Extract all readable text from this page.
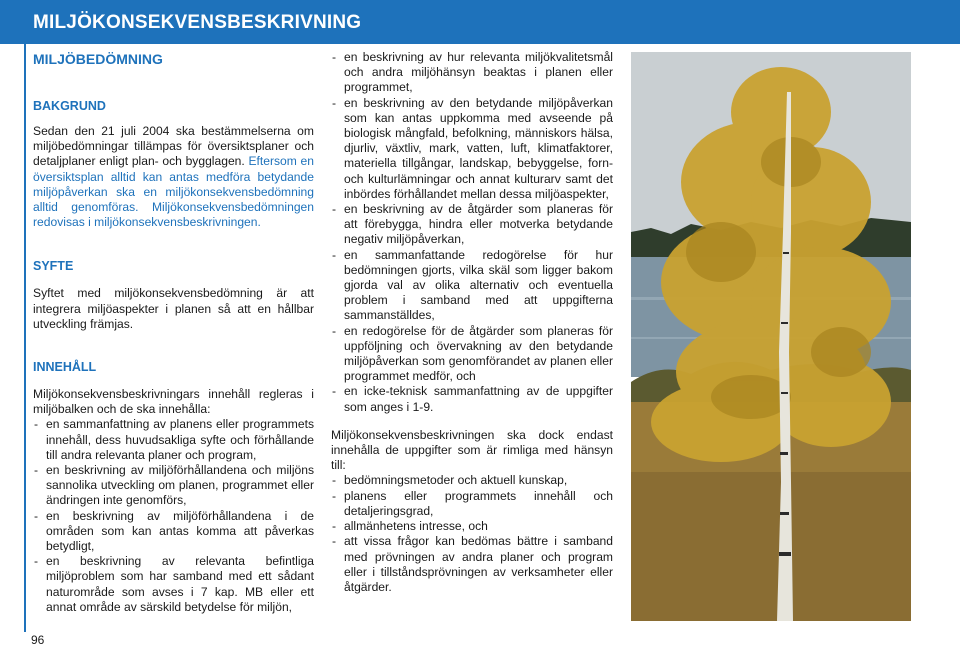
MILJÖKONSEKVENSBESKRIVNING
MILJÖBEDÖMNING
BAKGRUND

Sedan den 21 juli 2004 ska bestämmelserna om miljöbedömningar tillämpas för översiktsplaner och detaljplaner enligt plan- och bygglagen. Eftersom en översiktsplan alltid kan antas medföra betydande miljöpåverkan ska en miljökonsekvensbedömning alltid genomföras. Miljökonsekvensbedömningen redovisas i miljökonsekvensbeskrivningen.

SYFTE

Syftet med miljökonsekvensbedömning är att integrera miljöaspekter i planen så att en hållbar utveckling främjas.

INNEHÅLL

Miljökonsekvensbeskrivningars innehåll regleras i miljöbalken och de ska innehålla:

- en sammanfattning av planens eller programmets innehåll, dess huvudsakliga syfte och förhållande till andra relevanta planer och program,
- en beskrivning av miljöförhållandena och miljöns sannolika utveckling om planen, programmet eller ändringen inte genomförs,
- en beskrivning av miljöförhållandena i de områden som kan antas komma att påverkas betydligt,
- en beskrivning av relevanta befintliga miljöproblem som har samband med ett sådant naturområde som avses i 7 kap. MB eller ett annat område av särskild betydelse för miljön,
- en beskrivning av hur relevanta miljökvalitetsmål och andra miljöhänsyn beaktas i planen eller programmet,
- en beskrivning av den betydande miljöpåverkan som kan antas uppkomma med avseende på biologisk mångfald, befolkning, människors hälsa, djurliv, växtliv, mark, vatten, luft, klimatfaktorer, materiella tillgångar, landskap, bebyggelse, forn- och kulturlämningar och annat kulturarv samt det inbördes förhållandet mellan dessa miljöaspekter,
- en beskrivning av de åtgärder som planeras för att förebygga, hindra eller motverka betydande negativ miljöpåverkan,
- en sammanfattande redogörelse för hur bedömningen gjorts, vilka skäl som ligger bakom gjorda val av olika alternativ och eventuella problem i samband med att uppgifterna sammanställdes,
- en redogörelse för de åtgärder som planeras för uppföljning och övervakning av den betydande miljöpåverkan som genomförandet av planen eller programmet medför, och
- en icke-teknisk sammanfattning av de uppgifter som anges i 1-9.

Miljökonsekvensbeskrivningen ska dock endast innehålla de uppgifter som är rimliga med hänsyn till:

- bedömningsmetoder och aktuell kunskap,
- planens eller programmets innehåll och detaljeringsgrad,
- allmänhetens intresse, och
- att vissa frågor kan bedömas bättre i samband med prövningen av andra planer och program eller i tillståndsprövningen av verksamheter eller åtgärder.
96
